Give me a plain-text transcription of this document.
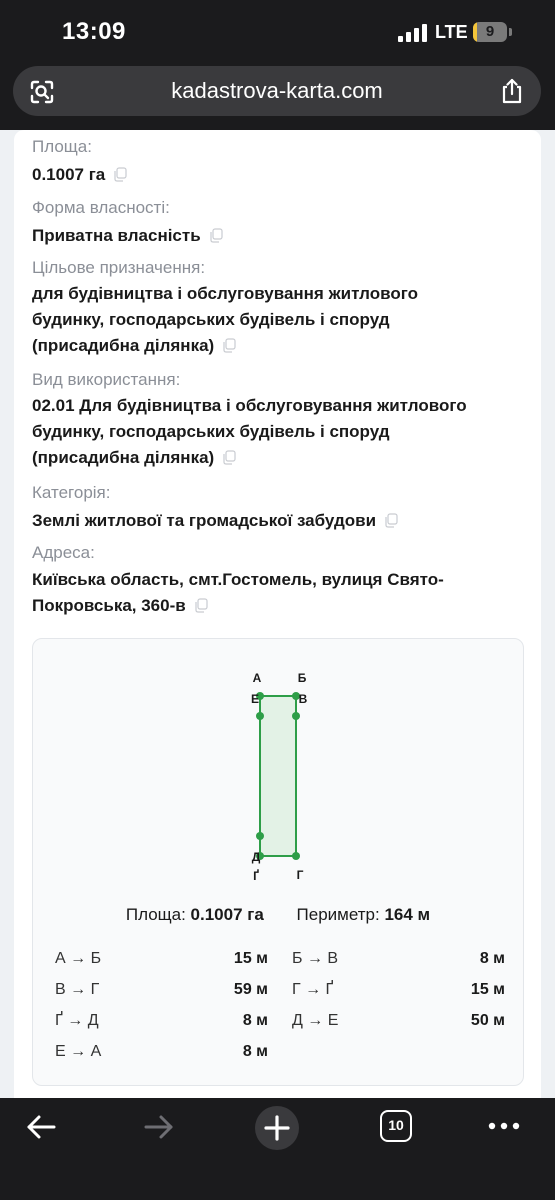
13:09	LTE	9
kadastrova-karta.com
Площа:
0.1007 га
Форма власності:
Приватна власність
Цільове призначення:
для будівництва і обслуговування житлового
будинку, господарських будівель і споруд
(присадибна ділянка)
Вид використання:
02.01 Для будівництва і обслуговування житлового
будинку, господарських будівель і споруд
(присадибна ділянка)
Категорія:
Землі житлової та громадської забудови
Адреса:
Київська область, смт.Гостомель, вулиця Свято-
Покровська, 360-в
А	Б
В
Г
Ґ
Д
Е
Площа: 0.1007 га Периметр: 164 м
А → Б	15 м Б → В	8 м
В → Г	59 м Г → Ґ	15 м
Ґ → Д	8 м Д → Е	50 м
Е → А	8 м
10
